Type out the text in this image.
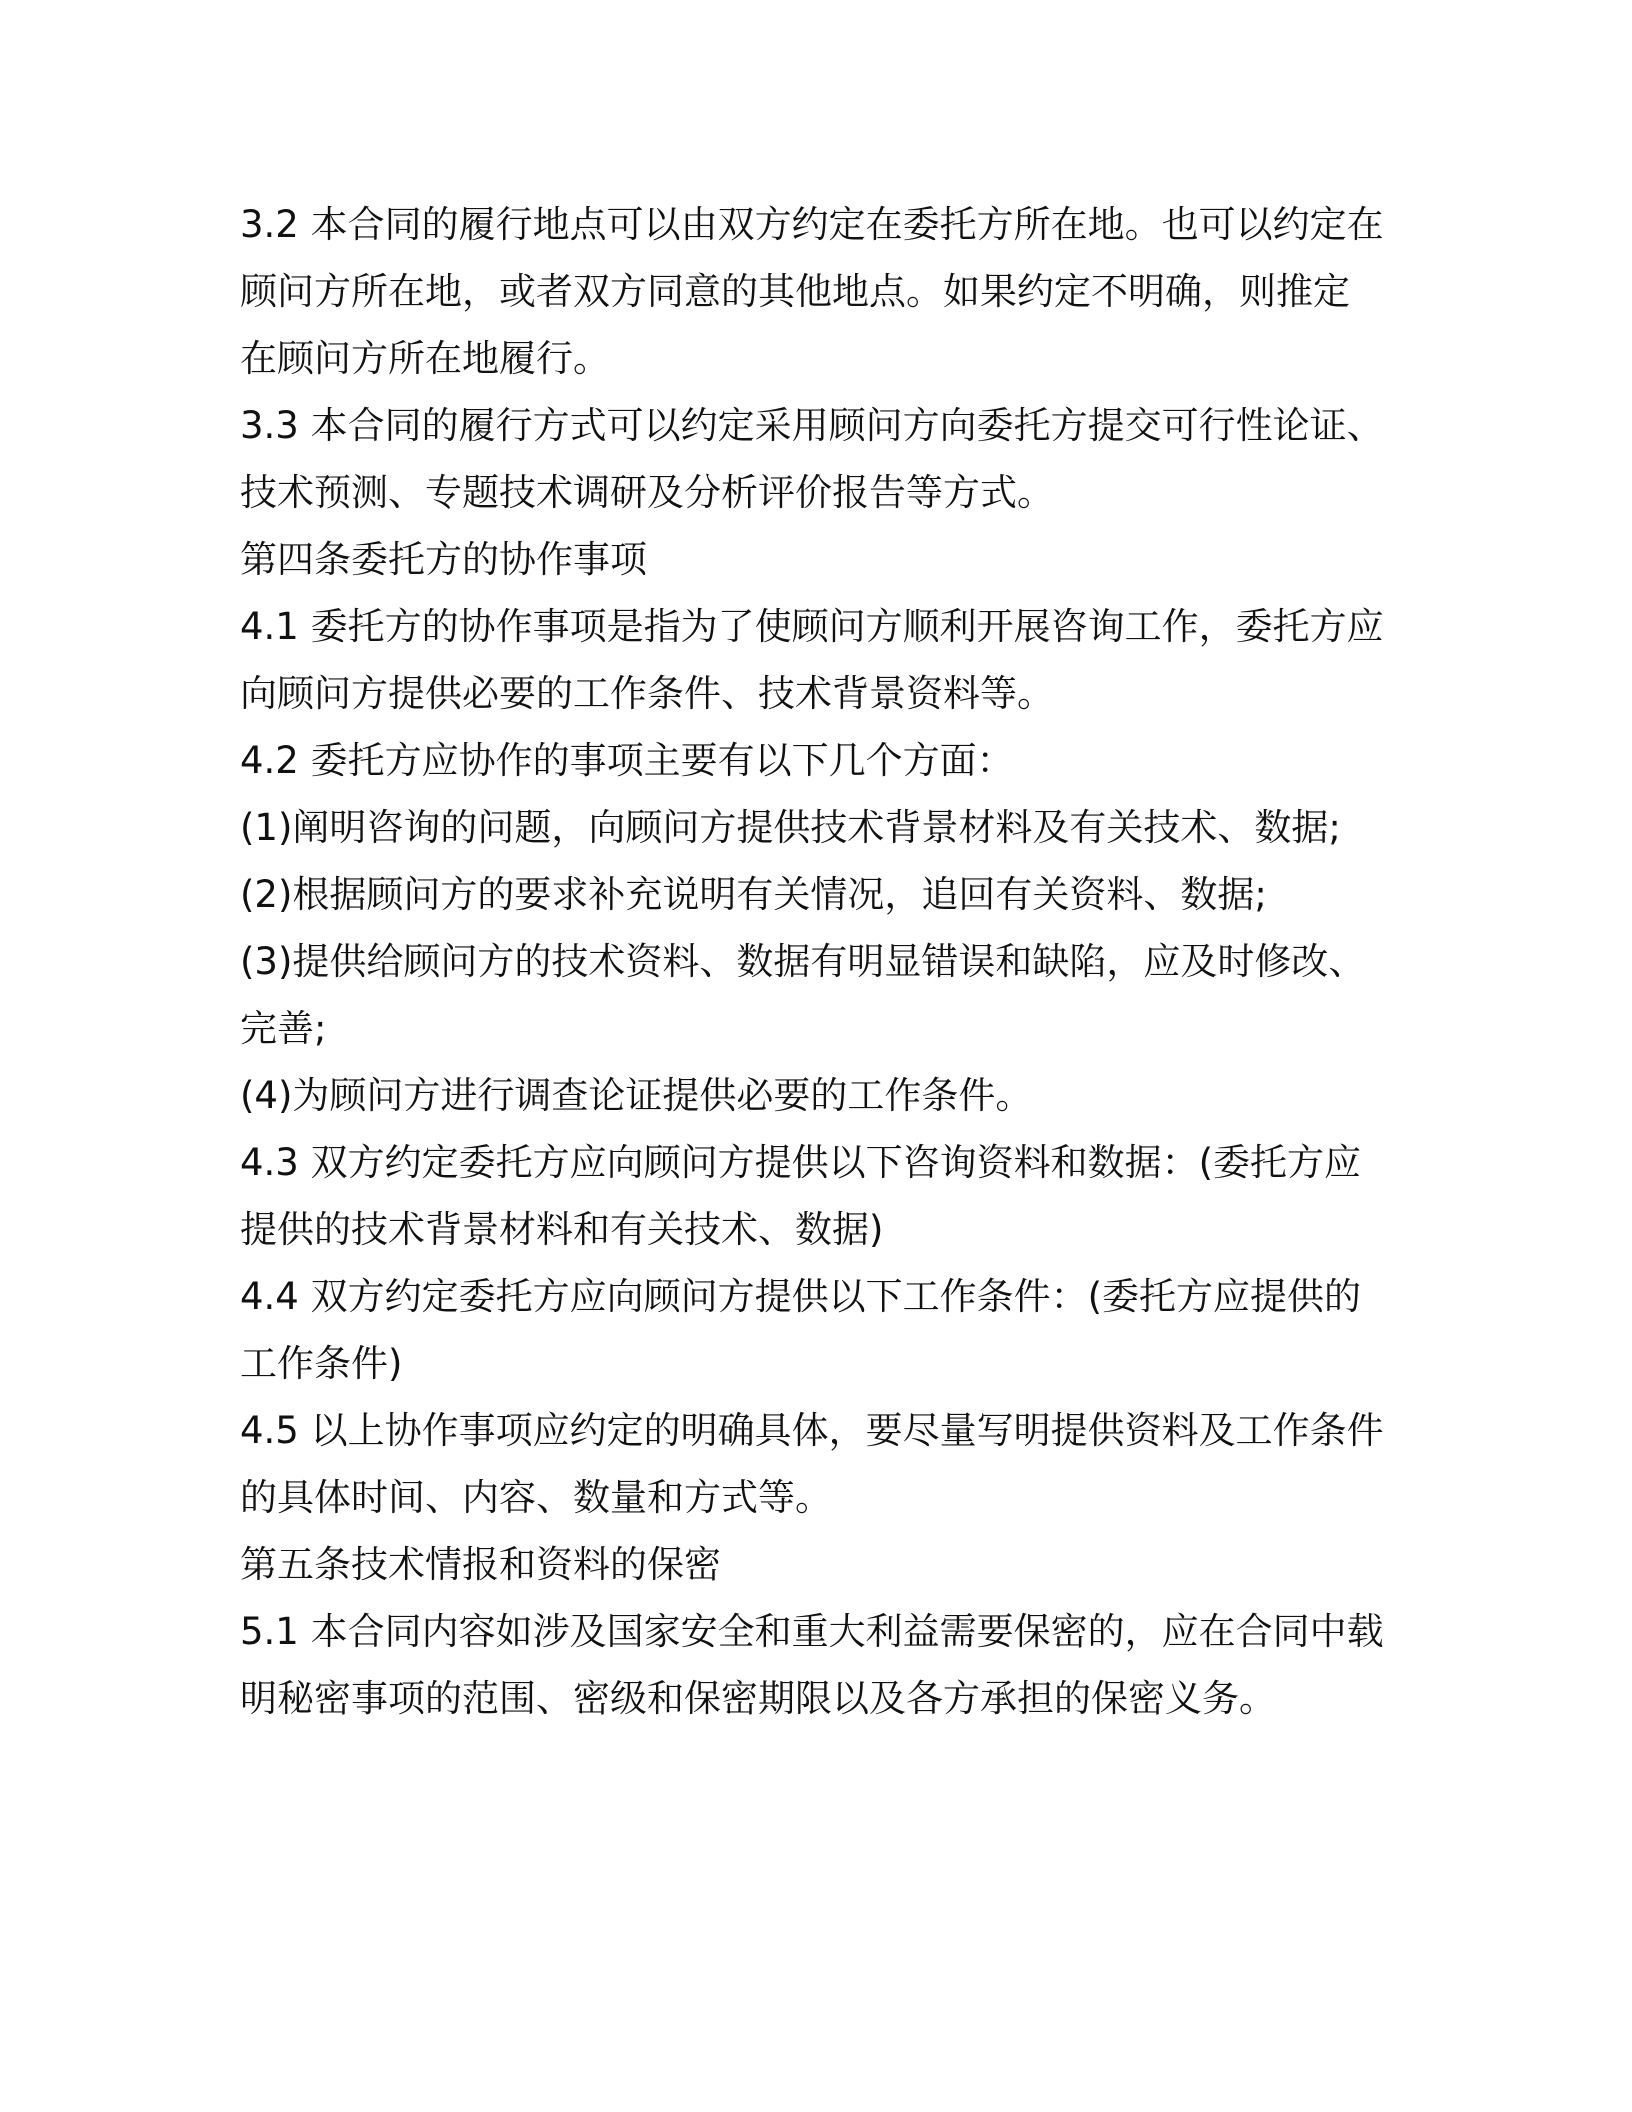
3.2 本合同的履行地点可以由双方约定在委托方所在地。也可以约定在
顾问方所在地，或者双方同意的其他地点。如果约定不明确，则推定
在顾问方所在地履行。
3.3 本合同的履行方式可以约定采用顾问方向委托方提交可行性论证、
技术预测、专题技术调研及分析评价报告等方式。
第四条委托方的协作事项
4.1 委托方的协作事项是指为了使顾问方顺利开展咨询工作，委托方应
向顾问方提供必要的工作条件、技术背景资料等。
4.2 委托方应协作的事项主要有以下几个方面：
(1)阐明咨询的问题，向顾问方提供技术背景材料及有关技术、数据;
(2)根据顾问方的要求补充说明有关情况，追回有关资料、数据;
(3)提供给顾问方的技术资料、数据有明显错误和缺陷，应及时修改、
完善;
(4)为顾问方进行调查论证提供必要的工作条件。
4.3 双方约定委托方应向顾问方提供以下咨询资料和数据：(委托方应
提供的技术背景材料和有关技术、数据)
4.4 双方约定委托方应向顾问方提供以下工作条件：(委托方应提供的
工作条件)
4.5 以上协作事项应约定的明确具体，要尽量写明提供资料及工作条件
的具体时间、内容、数量和方式等。
第五条技术情报和资料的保密
5.1 本合同内容如涉及国家安全和重大利益需要保密的，应在合同中载
明秘密事项的范围、密级和保密期限以及各方承担的保密义务。
